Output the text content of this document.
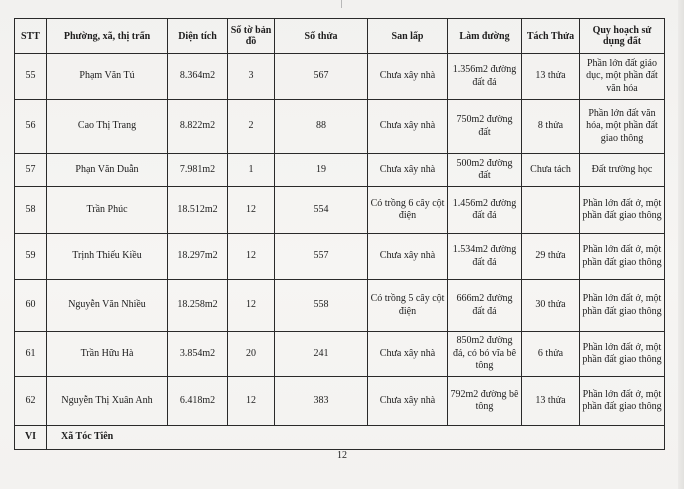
STT	Phường, xã, thị trấn	Diện tích	Số tờ bản đồ	Số thửa	San lấp	Làm đường	Tách Thửa	Quy hoạch sử dụng đất
55	Phạm Văn Tú	8.364m2	3	567	Chưa xây nhà	1.356m2 đường đất đá	13 thửa	Phần lớn đất giáo dục, một phần đất văn hóa
56	Cao Thị Trang	8.822m2	2	88	Chưa xây nhà	750m2 đường đất	8 thửa	Phần lớn đất văn hóa, một phần đất giao thông
57	Phạn Văn Duẫn	7.981m2	1	19	Chưa xây nhà	500m2 đường đất	Chưa tách	Đất trường học
58	Trần Phúc	18.512m2	12	554	Có trồng 6 cây cột điện	1.456m2 đường đất đá		Phần lớn đất ở, một phần đất giao thông
59	Trịnh Thiếu Kiều	18.297m2	12	557	Chưa xây nhà	1.534m2 đường đất đá	29 thửa	Phần lớn đất ở, một phần đất giao thông
60	Nguyễn Văn Nhiều	18.258m2	12	558	Có trồng 5 cây cột điện	666m2 đường đất đá	30 thửa	Phần lớn đất ở, một phần đất giao thông
61	Trần Hữu Hà	3.854m2	20	241	Chưa xây nhà	850m2 đường đá, có bó vĩa bê tông	6 thửa	Phần lớn đất ở, một phần đất giao thông
62	Nguyễn Thị Xuân Anh	6.418m2	12	383	Chưa xây nhà	792m2 đường bê tông	13 thửa	Phần lớn đất ở, một phần đất giao thông
VI	Xã Tóc Tiên							
12
